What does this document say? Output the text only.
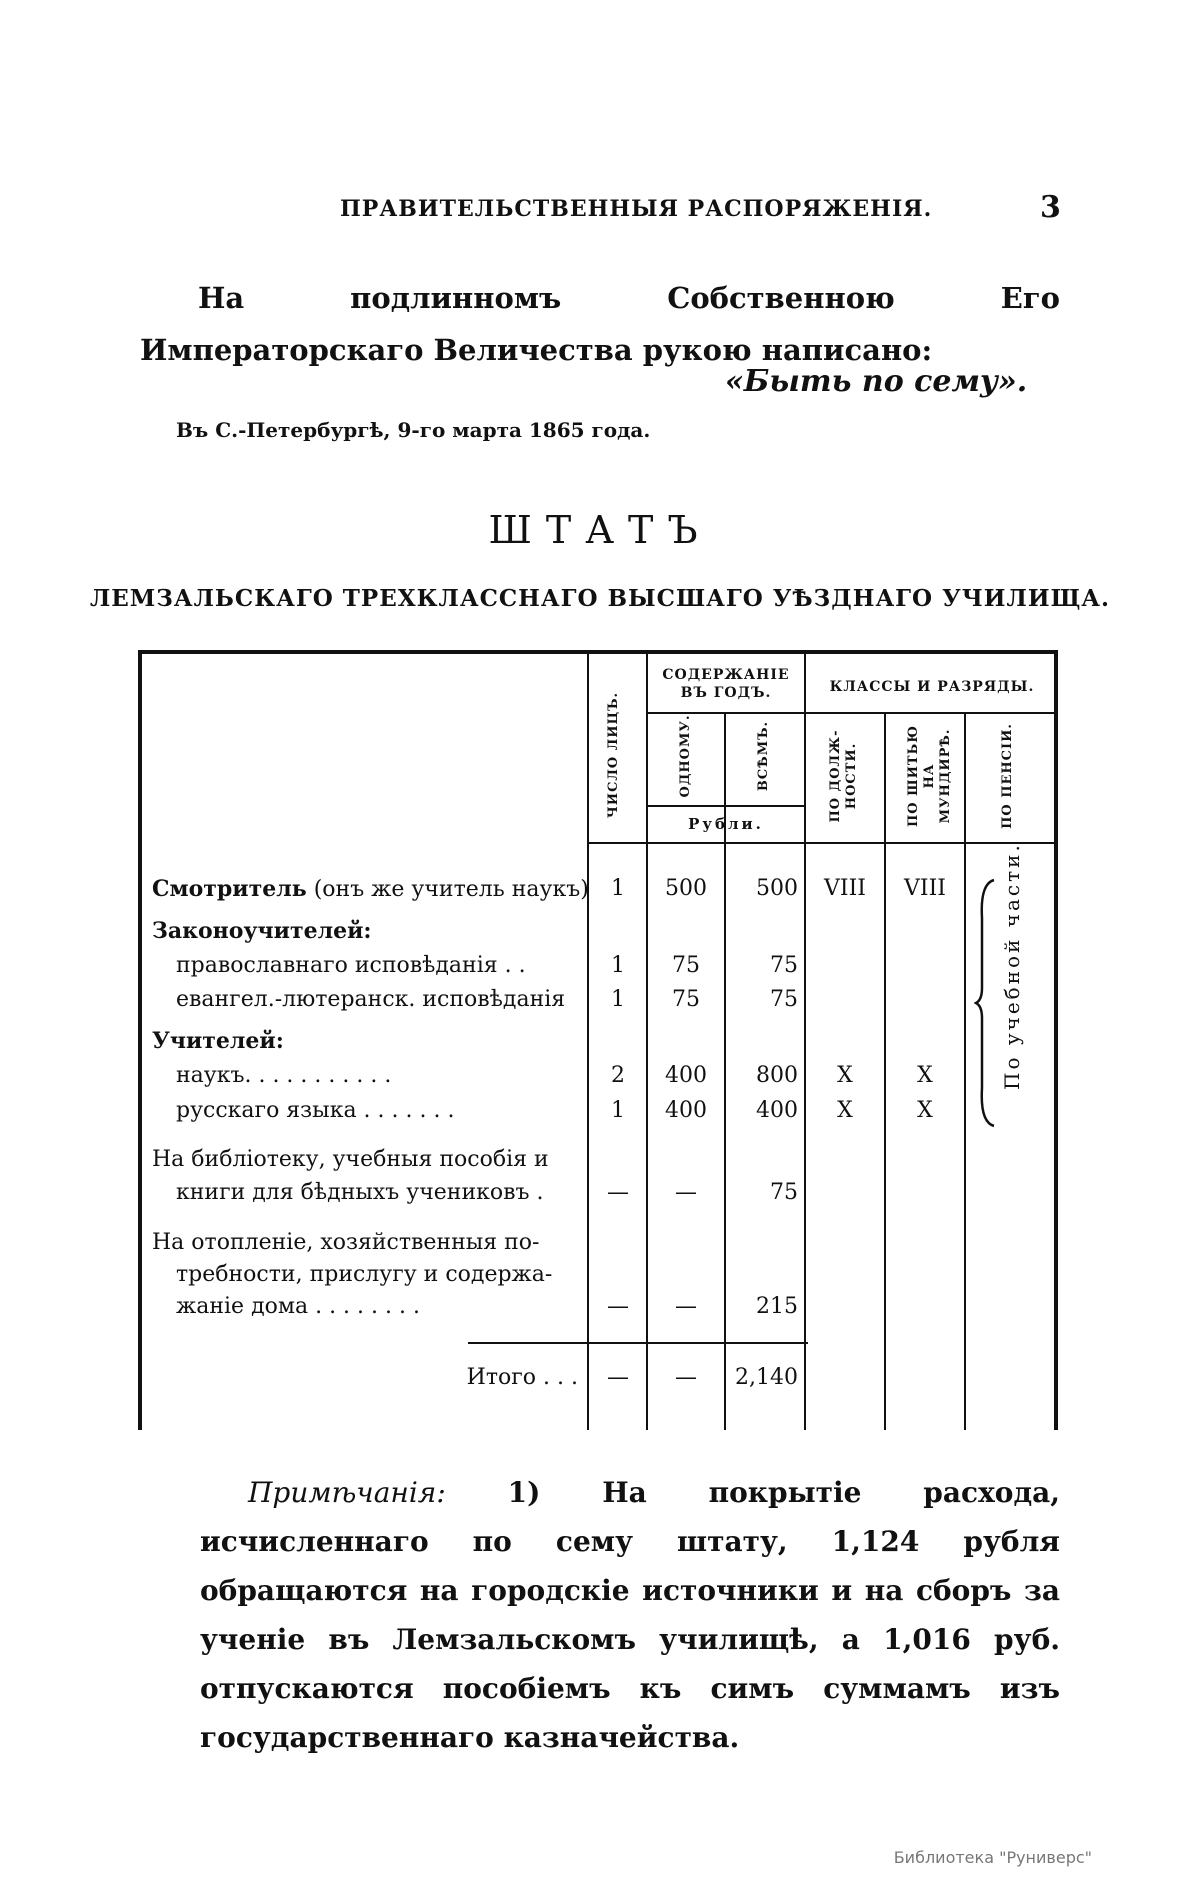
ПРАВИТЕЛЬСТВЕННЫЯ РАСПОРЯЖЕНІЯ.	3
На подлинномъ Собственною Его Императорскаго Величества рукою написано:
«Быть по сему».
Въ С.-Петербургѣ, 9-го марта 1865 года.
ШТАТЪ
ЛЕМЗАЛЬСКАГО ТРЕХКЛАССНАГО ВЫСШАГО УѢЗДНАГО УЧИЛИЩА.
ЧИСЛО ЛИЦЪ.
СОДЕРЖАНІЕ ВЪ ГОДЪ.
ОДНОМУ.	ВСѢМЪ.
Рубли.
КЛАССЫ И РАЗРЯДЫ.
ПО ДОЛЖ- НОСТИ.	ПО ШИТЬЮ НА МУНДИРѢ.	ПО ПЕНСІИ.
Смотритель (онъ же учитель наукъ)	1	500	500	VIII	VIII
Законоучителей:
православнаго исповѣданія . .	1	75	75
евангел.-лютеранск. исповѣданія	1	75	75
Учителей:
наукъ. . . . . . . . . . .	2	400	800	X	X
русскаго языка . . . . . . .	1	400	400	X	X
На библіотеку, учебныя пособія и
книги для бѣдныхъ учениковъ .	—	—	75
На отопленіе, хозяйственныя по-
требности, прислугу и содержа-
жаніе дома . . . . . . . .	—	—	215
По учебной части.
Итого . . .	—	—	2,140
Примѣчанія: 1) На покрытіе расхода, исчисленнаго по сему штату, 1,124 рубля обращаются на городскіе источники и на сборъ за ученіе въ Лемзальскомъ училищѣ, а 1,016 руб. отпускаются пособіемъ къ симъ суммамъ изъ государственнаго казначейства.
Библиотека "Руниверс"
